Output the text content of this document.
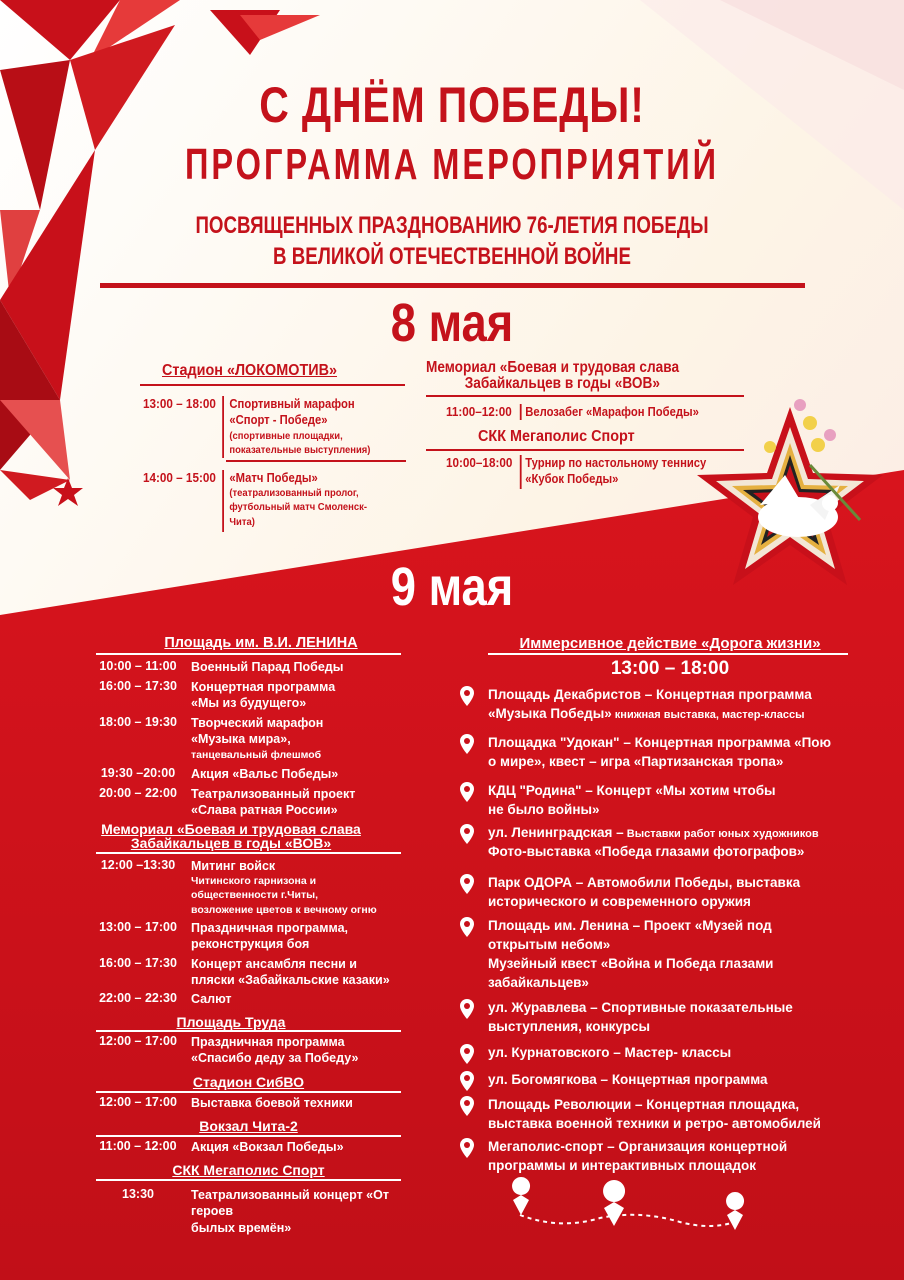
С ДНЁМ ПОБЕДЫ!
ПРОГРАММА МЕРОПРИЯТИЙ
ПОСВЯЩЕННЫХ ПРАЗДНОВАНИЮ 76-ЛЕТИЯ ПОБЕДЫ
В ВЕЛИКОЙ ОТЕЧЕСТВЕННОЙ ВОЙНЕ
8 мая
Стадион «ЛОКОМОТИВ»
13:00 – 18:00 Спортивный марафон
«Спорт - Победе»
(спортивные площадки,
показательные выступления)
14:00 – 15:00 «Матч Победы»
(театрализованный пролог,
футбольный матч Смоленск-
Чита)
Мемориал «Боевая и трудовая слава
Забайкальцев в годы «ВОВ»
11:00–12:00 Велозабег «Марафон Победы»
СКК Мегаполис Спорт
10:00–18:00 Турнир по настольному теннису
«Кубок Победы»
9 мая
Площадь им. В.И. ЛЕНИНА
10:00 – 11:00 Военный Парад Победы
16:00 – 17:30 Концертная программа
«Мы из будущего»
18:00 – 19:30 Творческий марафон
«Музыка мира»,
танцевальный флешмоб
19:30 –20:00	Акция «Вальс Победы»
20:00 – 22:00 Театрализованный проект
«Слава ратная России»
Мемориал «Боевая и трудовая слава
Забайкальцев в годы «ВОВ»
12:00 –13:30	Митинг войск
Читинского гарнизона и
общественности г.Читы,
возложение цветов к вечному огню
13:00 – 17:00 Праздничная программа,
реконструкция боя
16:00 – 17:30 Концерт ансамбля песни и
пляски «Забайкальские казаки»
22:00 – 22:30 Салют
Площадь Труда
12:00 – 17:00 Праздничная программа
«Спасибо деду за Победу»
Стадион СибВО
12:00 – 17:00 Выставка боевой техники
Вокзал Чита-2
11:00 – 12:00 Акция «Вокзал Победы»
СКК Мегаполис Спорт
13:30	Театрализованный концерт «От героев
былых времён»
Иммерсивное действие «Дорога жизни»
13:00 – 18:00
Площадь Декабристов – Концертная программа
«Музыка Победы» книжная выставка, мастер-классы
Площадка "Удокан" – Концертная программа «Пою
о мире», квест – игра «Партизанская тропа»
КДЦ "Родина" – Концерт «Мы хотим чтобы
не было войны»
ул. Ленинградская – Выставки работ юных художников
Фото-выставка «Победа глазами фотографов»
Парк ОДОРА – Автомобили Победы, выставка
исторического и современного оружия
Площадь им. Ленина – Проект «Музей под
открытым небом»
Музейный квест «Война и Победа глазами
забайкальцев»
ул. Журавлева – Спортивные показательные
выступления, конкурсы
ул. Курнатовского – Мастер- классы
ул. Богомягкова – Концертная программа
Площадь Революции – Концертная площадка,
выставка военной техники и ретро- автомобилей
Мегаполис-спорт – Организация концертной
программы и интерактивных площадок
